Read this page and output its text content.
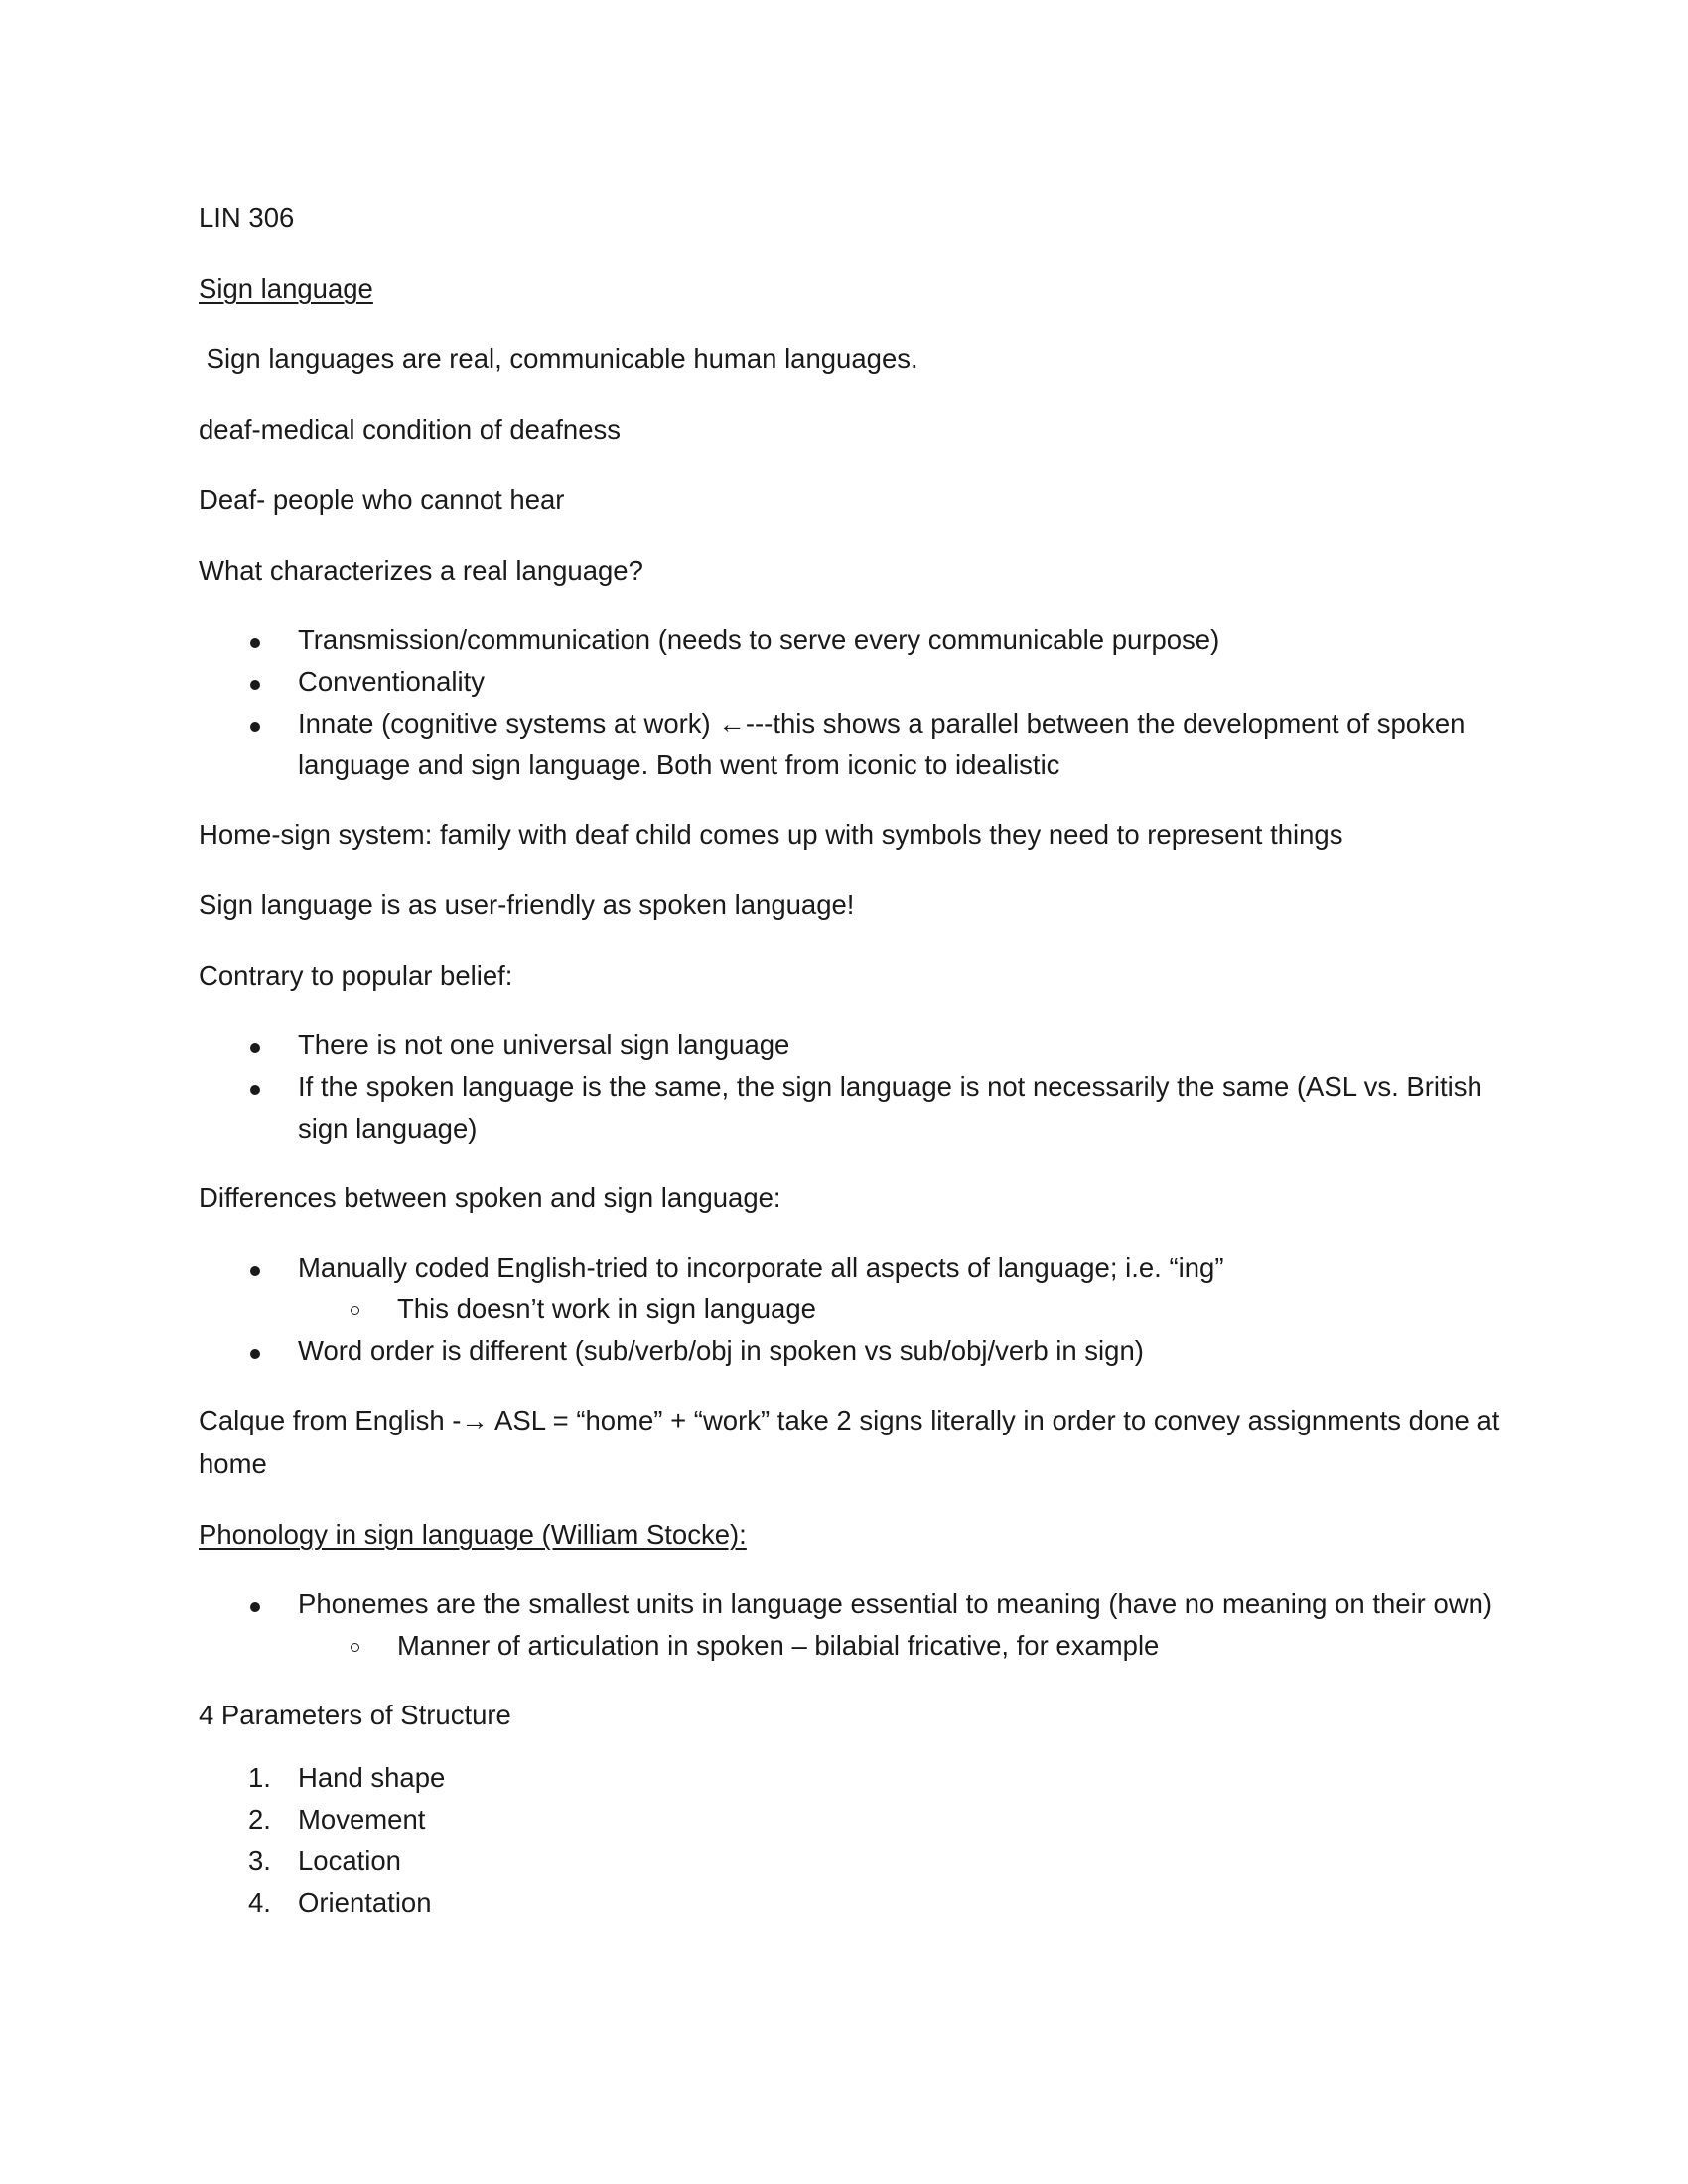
LIN 306

Sign language

Sign languages are real, communicable human languages.

deaf-medical condition of deafness

Deaf- people who cannot hear

What characterizes a real language?

Transmission/communication (needs to serve every communicable purpose)
Conventionality
Innate (cognitive systems at work) ←---this shows a parallel between the development of spoken language and sign language. Both went from iconic to idealistic

Home-sign system: family with deaf child comes up with symbols they need to represent things

Sign language is as user-friendly as spoken language!

Contrary to popular belief:

There is not one universal sign language
If the spoken language is the same, the sign language is not necessarily the same (ASL vs. British sign language)

Differences between spoken and sign language:

Manually coded English-tried to incorporate all aspects of language; i.e. “ing”
This doesn’t work in sign language
Word order is different (sub/verb/obj in spoken vs sub/obj/verb in sign)

Calque from English -→ ASL = “home” + “work” take 2 signs literally in order to convey assignments done at home

Phonology in sign language (William Stocke):

Phonemes are the smallest units in language essential to meaning (have no meaning on their own)
Manner of articulation in spoken – bilabial fricative, for example

4 Parameters of Structure

1. Hand shape
2. Movement
3. Location
4. Orientation
